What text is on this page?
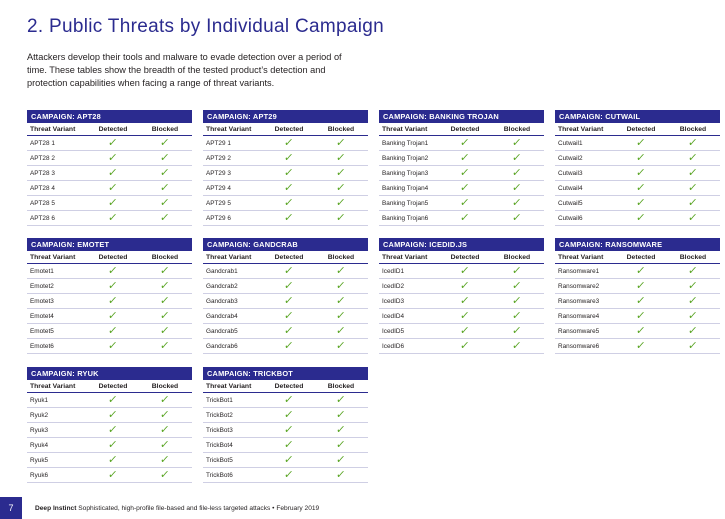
2. Public Threats by Individual Campaign

Attackers develop their tools and malware to evade detection over a period of time. These tables show the breadth of the tested product’s detection and protection capabilities when facing a range of threat variants.

CAMPAIGN: APT28
Threat Variant	Detected	Blocked
APT28 1	✓	✓
APT28 2	✓	✓
APT28 3	✓	✓
APT28 4	✓	✓
APT28 5	✓	✓
APT28 6	✓	✓
CAMPAIGN: APT29
Threat Variant	Detected	Blocked
APT29 1	✓	✓
APT29 2	✓	✓
APT29 3	✓	✓
APT29 4	✓	✓
APT29 5	✓	✓
APT29 6	✓	✓
CAMPAIGN: BANKING TROJAN
Threat Variant	Detected	Blocked
Banking Trojan1	✓	✓
Banking Trojan2	✓	✓
Banking Trojan3	✓	✓
Banking Trojan4	✓	✓
Banking Trojan5	✓	✓
Banking Trojan6	✓	✓
CAMPAIGN: CUTWAIL
Threat Variant	Detected	Blocked
Cutwail1	✓	✓
Cutwail2	✓	✓
Cutwail3	✓	✓
Cutwail4	✓	✓
Cutwail5	✓	✓
Cutwail6	✓	✓
CAMPAIGN: EMOTET
Threat Variant	Detected	Blocked
Emotet1	✓	✓
Emotet2	✓	✓
Emotet3	✓	✓
Emotet4	✓	✓
Emotet5	✓	✓
Emotet6	✓	✓
CAMPAIGN: GANDCRAB
Threat Variant	Detected	Blocked
Gandcrab1	✓	✓
Gandcrab2	✓	✓
Gandcrab3	✓	✓
Gandcrab4	✓	✓
Gandcrab5	✓	✓
Gandcrab6	✓	✓
CAMPAIGN: ICEDID.JS
Threat Variant	Detected	Blocked
IcedID1	✓	✓
IcedID2	✓	✓
IcedID3	✓	✓
IcedID4	✓	✓
IcedID5	✓	✓
IcedID6	✓	✓
CAMPAIGN: RANSOMWARE
Threat Variant	Detected	Blocked
Ransomware1	✓	✓
Ransomware2	✓	✓
Ransomware3	✓	✓
Ransomware4	✓	✓
Ransomware5	✓	✓
Ransomware6	✓	✓
CAMPAIGN: RYUK
Threat Variant	Detected	Blocked
Ryuk1	✓	✓
Ryuk2	✓	✓
Ryuk3	✓	✓
Ryuk4	✓	✓
Ryuk5	✓	✓
Ryuk6	✓	✓
CAMPAIGN: TRICKBOT
Threat Variant	Detected	Blocked
TrickBot1	✓	✓
TrickBot2	✓	✓
TrickBot3	✓	✓
TrickBot4	✓	✓
TrickBot5	✓	✓
TrickBot6	✓	✓
7	Deep Instinct Sophisticated, high-profile file-based and file-less targeted attacks • February 2019
